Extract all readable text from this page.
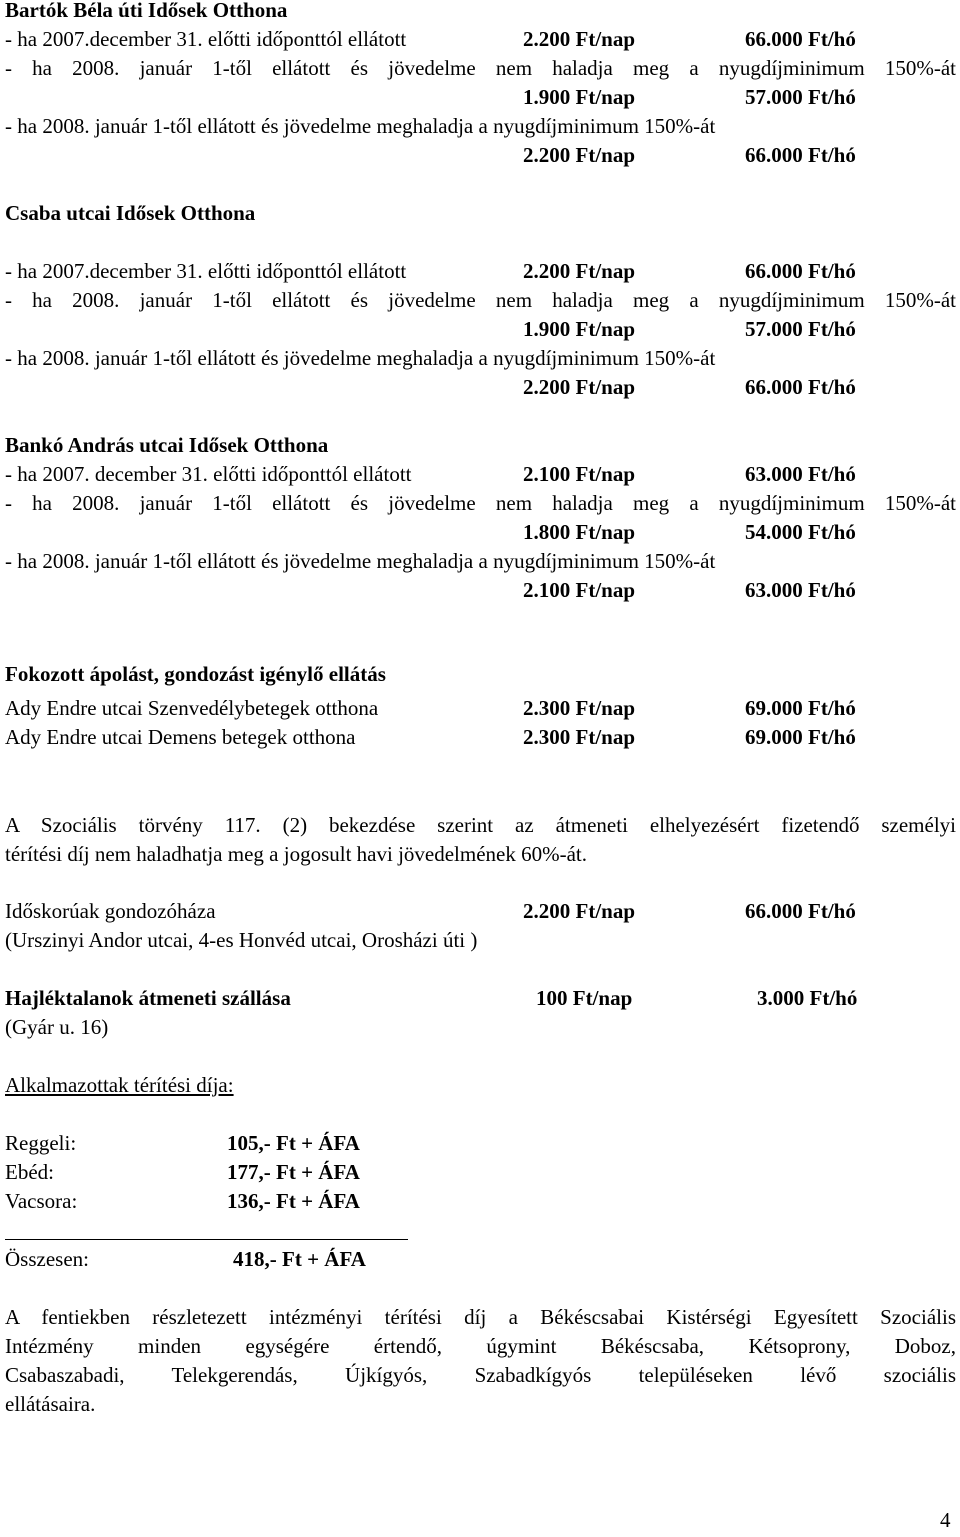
Bartók Béla úti Idősek Otthona
- ha 2007.december 31. előtti időponttól ellátott	2.200 Ft/nap	66.000 Ft/hó
- ha 2008. január 1-től ellátott és jövedelme nem haladja meg a nyugdíjminimum 150%-át
1.900 Ft/nap	57.000 Ft/hó
- ha 2008. január 1-től ellátott és jövedelme meghaladja a nyugdíjminimum 150%-át
2.200 Ft/nap	66.000 Ft/hó
Csaba utcai Idősek Otthona
- ha 2007.december 31. előtti időponttól ellátott	2.200 Ft/nap	66.000 Ft/hó
- ha 2008. január 1-től ellátott és jövedelme nem haladja meg a nyugdíjminimum 150%-át
1.900 Ft/nap	57.000 Ft/hó
- ha 2008. január 1-től ellátott és jövedelme meghaladja a nyugdíjminimum 150%-át
2.200 Ft/nap	66.000 Ft/hó
Bankó András utcai Idősek Otthona
- ha 2007. december 31. előtti időponttól ellátott	2.100 Ft/nap	63.000 Ft/hó
- ha 2008. január 1-től ellátott és jövedelme nem haladja meg a nyugdíjminimum 150%-át
1.800 Ft/nap	54.000 Ft/hó
- ha 2008. január 1-től ellátott és jövedelme meghaladja a nyugdíjminimum 150%-át
2.100 Ft/nap	63.000 Ft/hó
Fokozott ápolást, gondozást igénylő ellátás
Ady Endre utcai Szenvedélybetegek otthona	2.300 Ft/nap	69.000 Ft/hó
Ady Endre utcai Demens betegek otthona	2.300 Ft/nap	69.000 Ft/hó
A Szociális törvény 117. (2) bekezdése szerint az átmeneti elhelyezésért fizetendő személyi
térítési díj nem haladhatja meg a jogosult havi jövedelmének 60%-át.
Időskorúak gondozóháza	2.200 Ft/nap	66.000 Ft/hó
(Urszinyi Andor utcai, 4-es Honvéd utcai, Orosházi úti )
Hajléktalanok átmeneti szállása	100 Ft/nap	3.000 Ft/hó
(Gyár u. 16)
Alkalmazottak térítési díja:
Reggeli:	105,- Ft + ÁFA
Ebéd:	177,- Ft + ÁFA
Vacsora:	136,- Ft + ÁFA
Összesen:	418,- Ft + ÁFA
A fentiekben részletezett intézményi térítési díj a Békéscsabai Kistérségi Egyesített Szociális
Intézmény minden egységére értendő, úgymint Békéscsaba, Kétsoprony, Doboz,
Csabaszabadi, Telekgerendás, Újkígyós, Szabadkígyós településeken lévő szociális
ellátásaira.
4
